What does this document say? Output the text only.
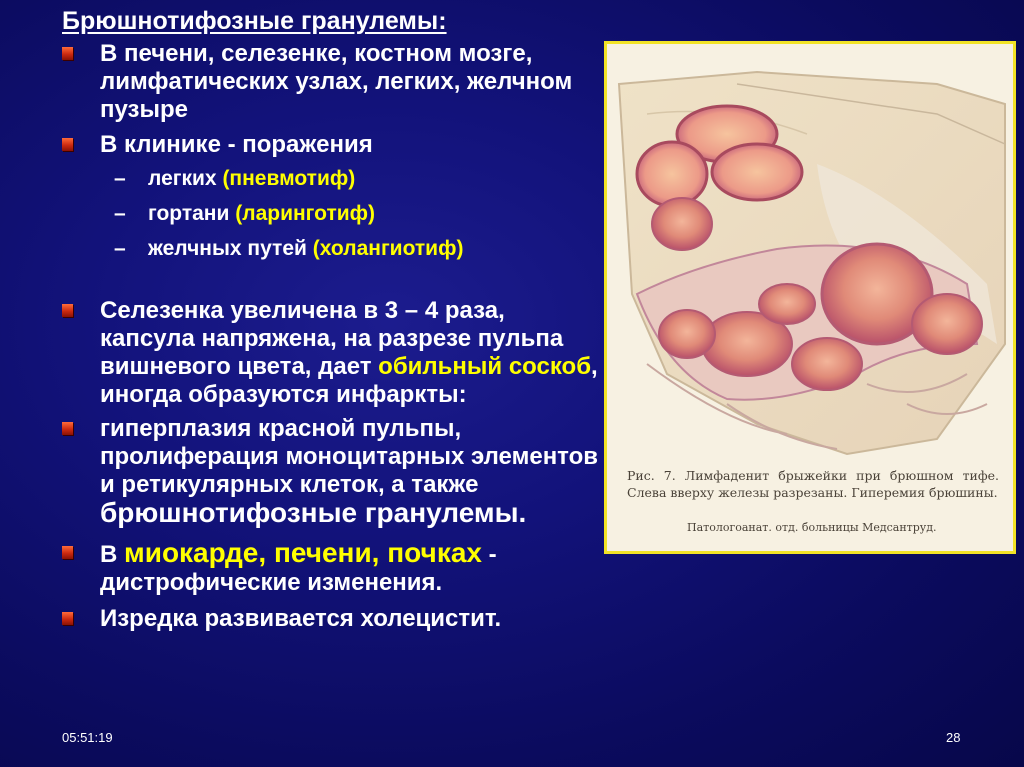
Брюшнотифозные гранулемы:
В печени, селезенке, костном мозге, лимфатических узлах, легких, желчном пузыре
В клинике - поражения
– легких (пневмотиф)
– гортани (ларинготиф)
– желчных путей (холангиотиф)
Селезенка увеличена в 3 – 4 раза, капсула напряжена, на разрезе пульпа вишневого цвета, дает обильный соскоб, иногда образуются инфаркты:
гиперплазия красной пульпы, пролиферация моноцитарных элементов и ретикулярных клеток, а также брюшнотифозные гранулемы.
В миокарде, печени, почках - дистрофические изменения.
Изредка развивается холецистит.

Рис. 7. Лимфаденит брыжейки при брюшном тифе. Слева вверху железы разрезаны. Гиперемия брюшины.

Патологоанат. отд. больницы Медсантруд.

05:51:19	28
